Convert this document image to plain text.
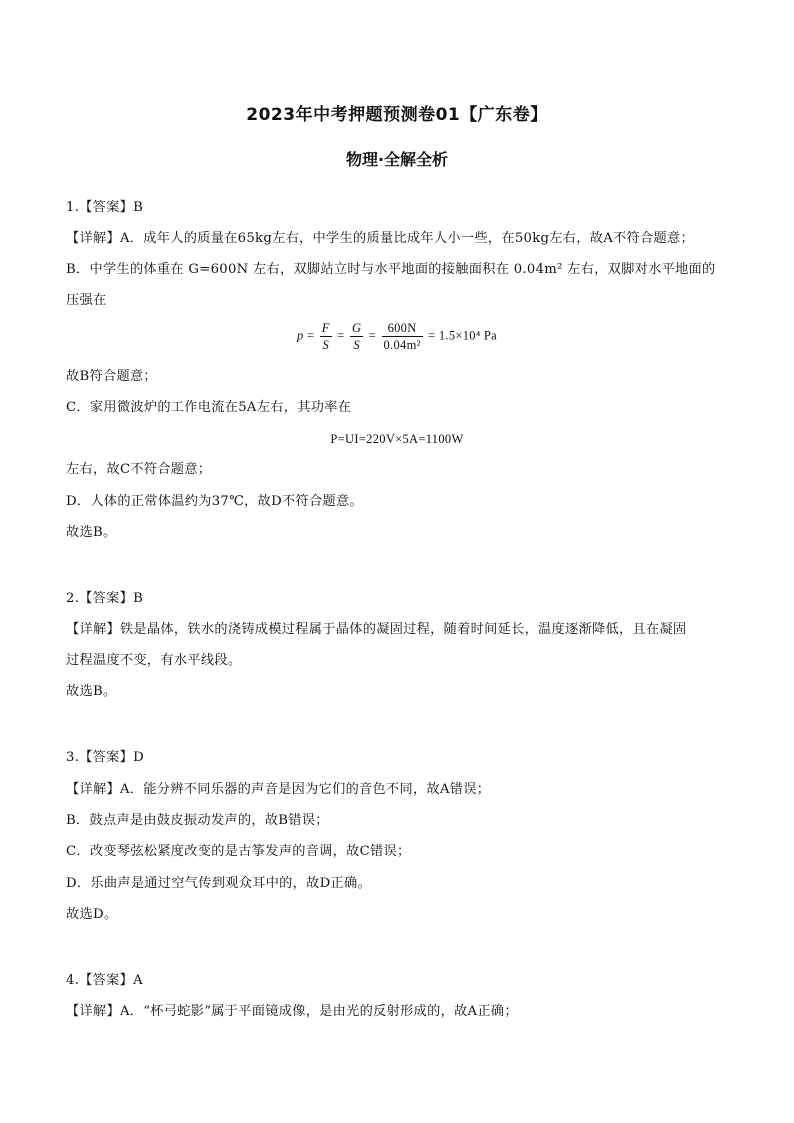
2023年中考押题预测卷01【广东卷】
物理·全解全析
1.【答案】B
【详解】A．成年人的质量在65kg左右，中学生的质量比成年人小一些，在50kg左右，故A不符合题意；
B．中学生的体重在 G=600N 左右，双脚站立时与水平地面的接触面积在 0.04m² 左右，双脚对水平地面的
压强在
$p = \frac{F}{S} = \frac{G}{S} = \frac{600N}{\text{0.04m²}} = 1.5\times 10^4$ Pa
故B符合题意；
C．家用微波炉的工作电流在5A左右，其功率在
P=UI=220V×5A=1100W
左右，故C不符合题意；
D．人体的正常体温约为37℃，故D不符合题意。
故选B。
2.【答案】B
【详解】铁是晶体，铁水的浇铸成模过程属于晶体的凝固过程，随着时间延长，温度逐渐降低，且在凝固
过程温度不变，有水平线段。
故选B。
3.【答案】D
【详解】A．能分辨不同乐器的声音是因为它们的音色不同，故A错误；
B．鼓点声是由鼓皮振动发声的，故B错误；
C．改变琴弦松紧度改变的是古筝发声的音调，故C错误；
D．乐曲声是通过空气传到观众耳中的，故D正确。
故选D。
4.【答案】A
【详解】A．“杯弓蛇影”属于平面镜成像，是由光的反射形成的，故A正确；
